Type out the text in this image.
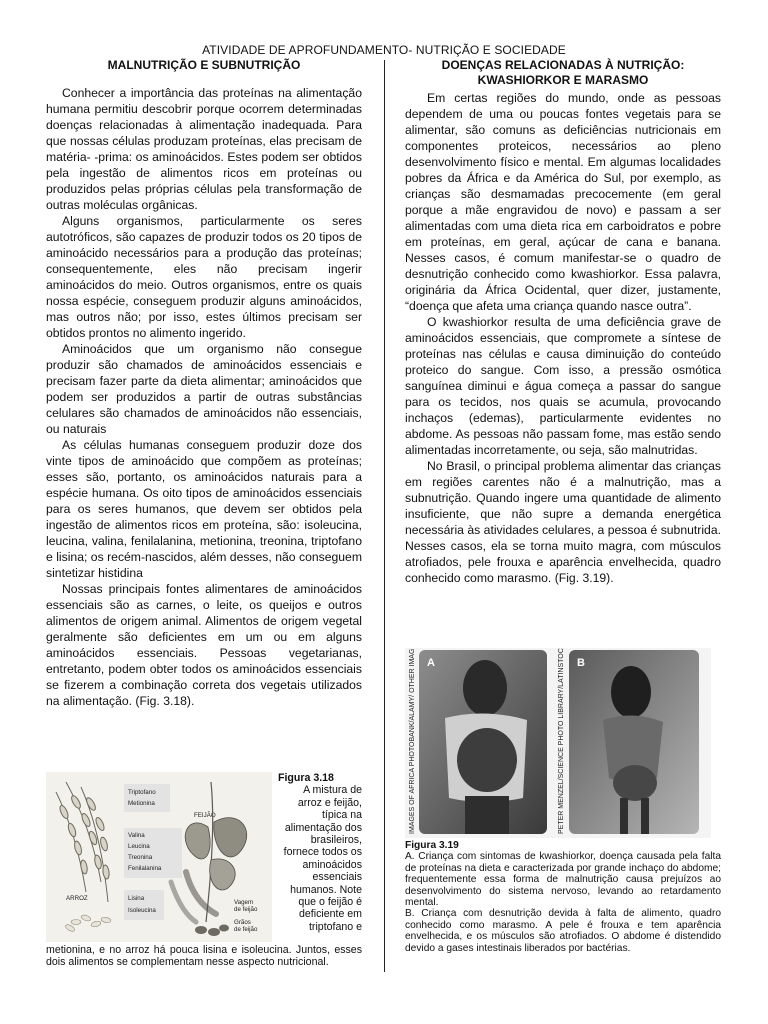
ATIVIDADE DE APROFUNDAMENTO- NUTRIÇÃO E SOCIEDADE
MALNUTRIÇÃO E SUBNUTRIÇÃO

Conhecer a importância das proteínas na alimentação humana permitiu descobrir porque ocorrem determinadas doenças relacionadas à alimentação inadequada. Para que nossas células produzam proteínas, elas precisam de matéria- -prima: os aminoácidos. Estes podem ser obtidos pela ingestão de alimentos ricos em proteínas ou produzidos pelas próprias células pela transformação de outras moléculas orgânicas.

Alguns organismos, particularmente os seres autotróficos, são capazes de produzir todos os 20 tipos de aminoácido necessários para a produção das proteínas; consequentemente, eles não precisam ingerir aminoácidos do meio. Outros organismos, entre os quais nossa espécie, conseguem produzir alguns aminoácidos, mas outros não; por isso, estes últimos precisam ser obtidos prontos no alimento ingerido.

Aminoácidos que um organismo não consegue produzir são chamados de aminoácidos essenciais e precisam fazer parte da dieta alimentar; aminoácidos que podem ser produzidos a partir de outras substâncias celulares são chamados de aminoácidos não essenciais, ou naturais

As células humanas conseguem produzir doze dos vinte tipos de aminoácido que compõem as proteínas; esses são, portanto, os aminoácidos naturais para a espécie humana. Os oito tipos de aminoácidos essenciais para os seres humanos, que devem ser obtidos pela ingestão de alimentos ricos em proteína, são: isoleucina, leucina, valina, fenilalanina, metionina, treonina, triptofano e lisina; os recém-nascidos, além desses, não conseguem sintetizar histidina

Nossas principais fontes alimentares de aminoácidos essenciais são as carnes, o leite, os queijos e outros alimentos de origem animal. Alimentos de origem vegetal geralmente são deficientes em um ou em alguns aminoácidos essenciais. Pessoas vegetarianas, entretanto, podem obter todos os aminoácidos essenciais se fizerem a combinação correta dos vegetais utilizados na alimentação. (Fig. 3.18).

Triptofano
Metionina
FEIJÃO
Valina
Leucina
Treonina
Fenilalanina
Lisina
Isoleucina
ARROZ
Vagem
de feijão
Grãos
de feijão
Figura 3.18
A mistura de arroz e feijão, típica na alimentação dos brasileiros, fornece todos os aminoácidos essenciais humanos. Note que o feijão é deficiente em triptofano e
metionina, e no arroz há pouca lisina e isoleucina. Juntos, esses dois alimentos se complementam nesse aspecto nutricional.
DOENÇAS RELACIONADAS À NUTRIÇÃO:
KWASHIORKOR E MARASMO

Em certas regiões do mundo, onde as pessoas dependem de uma ou poucas fontes vegetais para se alimentar, são comuns as deficiências nutricionais em componentes proteicos, necessários ao pleno desenvolvimento físico e mental. Em algumas localidades pobres da África e da América do Sul, por exemplo, as crianças são desmamadas precocemente (em geral porque a mãe engravidou de novo) e passam a ser alimentadas com uma dieta rica em carboidratos e pobre em proteínas, em geral, açúcar de cana e banana. Nesses casos, é comum manifestar-se o quadro de desnutrição conhecido como kwashiorkor. Essa palavra, originária da África Ocidental, quer dizer, justamente, “doença que afeta uma criança quando nasce outra”.

O kwashiorkor resulta de uma deficiência grave de aminoácidos essenciais, que compromete a síntese de proteínas nas células e causa diminuição do conteúdo proteico do sangue. Com isso, a pressão osmótica sanguínea diminui e água começa a passar do sangue para os tecidos, nos quais se acumula, provocando inchaços (edemas), particularmente evidentes no abdome. As pessoas não passam fome, mas estão sendo alimentadas incorretamente, ou seja, são malnutridas.

No Brasil, o principal problema alimentar das crianças em regiões carentes não é a malnutrição, mas a subnutrição. Quando ingere uma quantidade de alimento insuficiente, que não supre a demanda energética necessária às atividades celulares, a pessoa é subnutrida. Nesses casos, ela se torna muito magra, com músculos atrofiados, pele frouxa e aparência envelhecida, quadro conhecido como marasmo. (Fig. 3.19).

A	B
IMAGES OF AFRICA PHOTOBANK/ALAMY/ OTHER IMAGES	PETER MENZEL/SCIENCE PHOTO LIBRARY/LATINSTOCK
Figura 3.19
A. Criança com sintomas de kwashiorkor, doença causada pela falta de proteínas na dieta e caracterizada por grande inchaço do abdome; frequentemente essa forma de malnutrição causa prejuízos ao desenvolvimento do sistema nervoso, levando ao retardamento mental.
B. Criança com desnutrição devida à falta de alimento, quadro conhecido como marasmo. A pele é frouxa e tem aparência envelhecida, e os músculos são atrofiados. O abdome é distendido devido a gases intestinais liberados por bactérias.
